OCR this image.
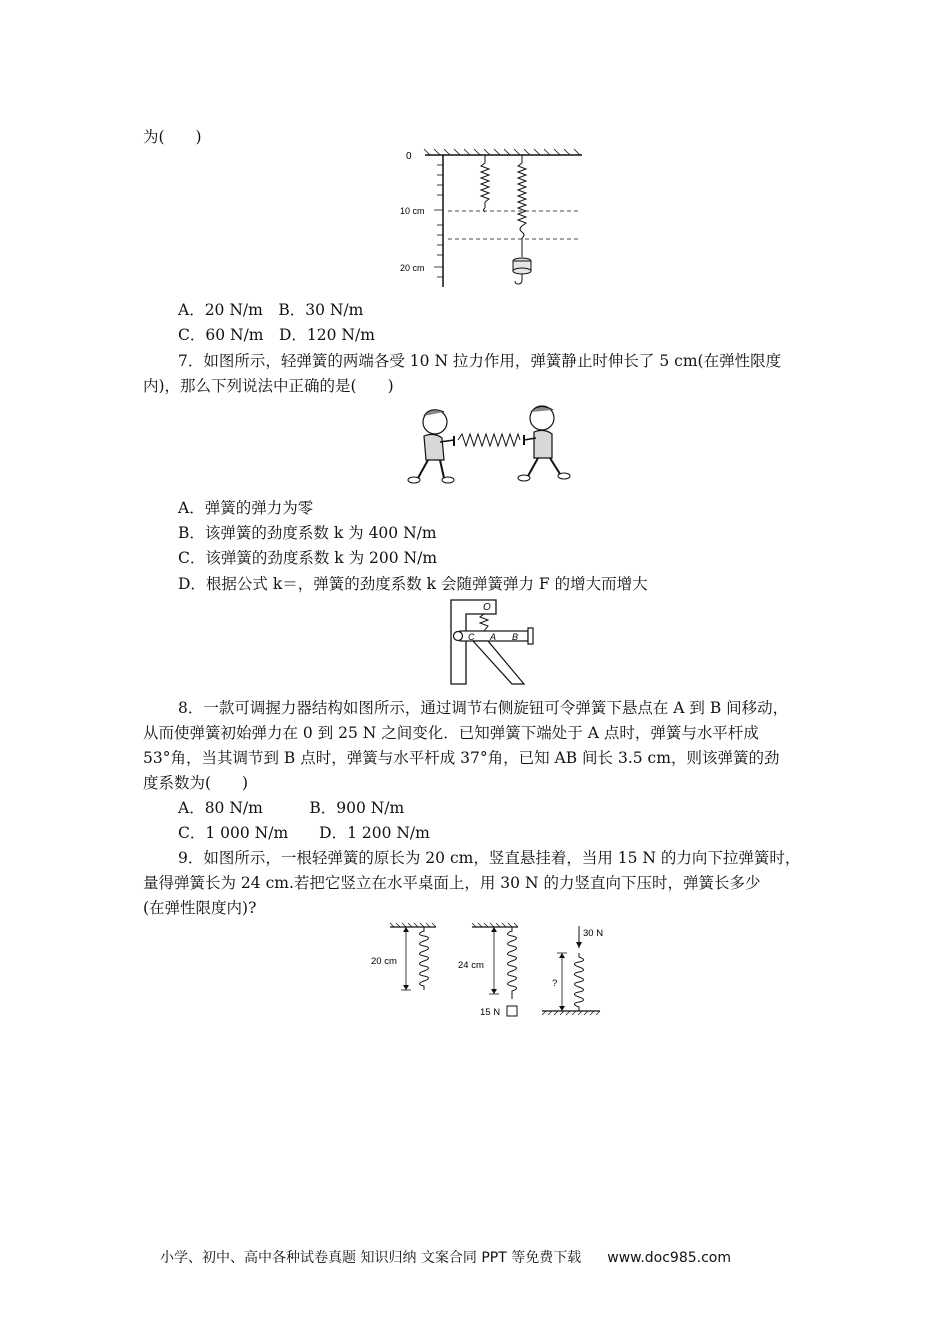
为(　　)
0
10 cm
20 cm
A．20 N/m　B．30 N/m
C．60 N/m　D．120 N/m
7．如图所示，轻弹簧的两端各受 10 N 拉力作用，弹簧静止时伸长了 5 cm(在弹性限度
内)，那么下列说法中正确的是(　　)
A．弹簧的弹力为零
B．该弹簧的劲度系数 k 为 400 N/m
C．该弹簧的劲度系数 k 为 200 N/m
D．根据公式 k＝，弹簧的劲度系数 k 会随弹簧弹力 F 的增大而增大
O
C A B
8．一款可调握力器结构如图所示，通过调节右侧旋钮可令弹簧下悬点在 A 到 B 间移动，
从而使弹簧初始弹力在 0 到 25 N 之间变化．已知弹簧下端处于 A 点时，弹簧与水平杆成
53°角，当其调节到 B 点时，弹簧与水平杆成 37°角，已知 AB 间长 3.5 cm，则该弹簧的劲
度系数为(　　)
A．80 N/m　　　B．900 N/m
C．1 000 N/m　　D．1 200 N/m
9．如图所示，一根轻弹簧的原长为 20 cm，竖直悬挂着，当用 15 N 的力向下拉弹簧时，
量得弹簧长为 24 cm.若把它竖立在水平桌面上，用 30 N 的力竖直向下压时，弹簧长多少
(在弹性限度内)?
20 cm	24 cm
15 N
30 N
?
小学、初中、高中各种试卷真题 知识归纳 文案合同 PPT 等免费下载 www.doc985.com
